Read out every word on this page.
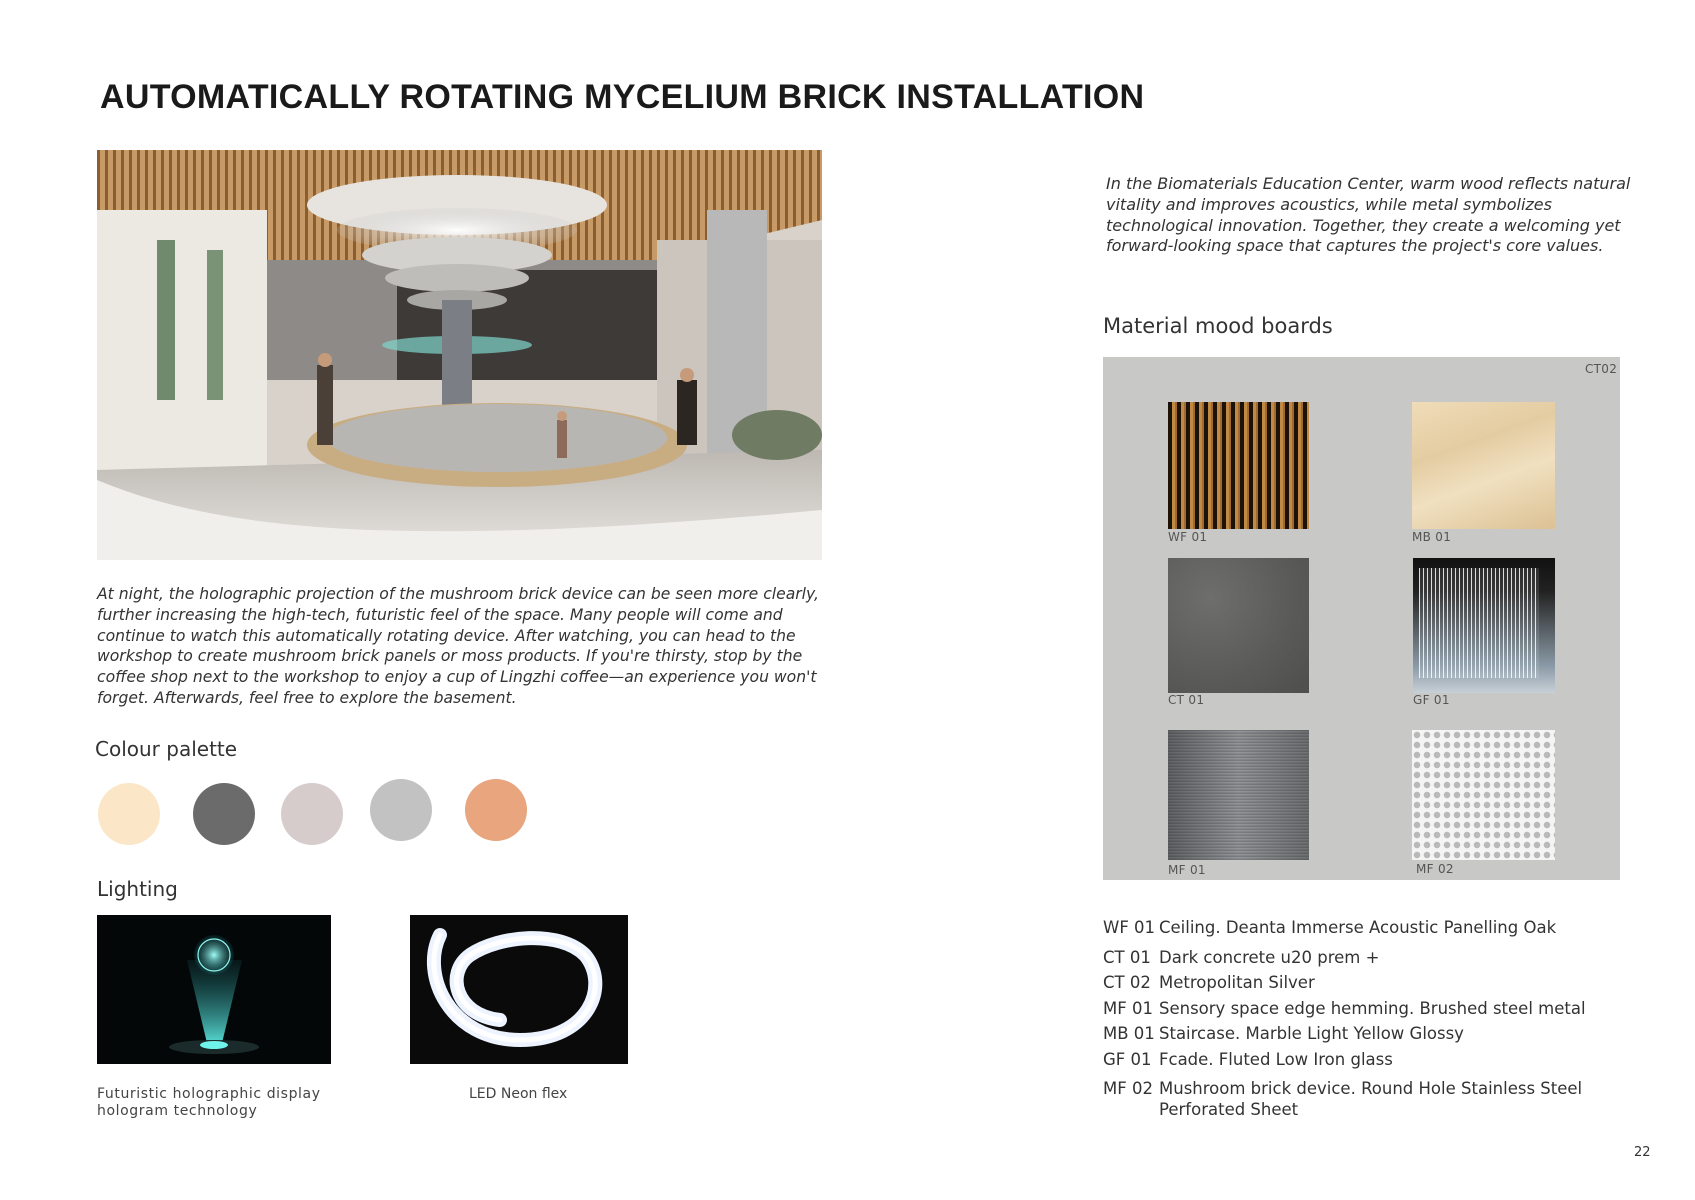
AUTOMATICALLY ROTATING MYCELIUM BRICK INSTALLATION

At night, the holographic projection of the mushroom brick device can be seen more clearly, further increasing the high-tech, futuristic feel of the space. Many people will come and continue to watch this automatically rotating device. After watching, you can head to the workshop to create mushroom brick panels or moss products. If you're thirsty, stop by the coffee shop next to the workshop to enjoy a cup of Lingzhi coffee—an experience you won't forget. Afterwards, feel free to explore the basement.

Colour palette
Lighting
Futuristic holographic display hologram technology
LED Neon flex

In the Biomaterials Education Center, warm wood reflects natural vitality and improves acoustics, while metal symbolizes technological innovation. Together, they create a welcoming yet forward-looking space that captures the project's core values.

Material mood boards
CT02
WF 01	MB 01
CT 01	GF 01
MF 01	MF 02
WF 01 Ceiling. Deanta Immerse Acoustic Panelling Oak
CT 01 Dark concrete u20 prem +
CT 02 Metropolitan Silver
MF 01 Sensory space edge hemming. Brushed steel metal
MB 01 Staircase. Marble Light Yellow Glossy
GF 01 Fcade. Fluted Low Iron glass
MF 02 Mushroom brick device. Round Hole Stainless Steel Perforated Sheet
22
